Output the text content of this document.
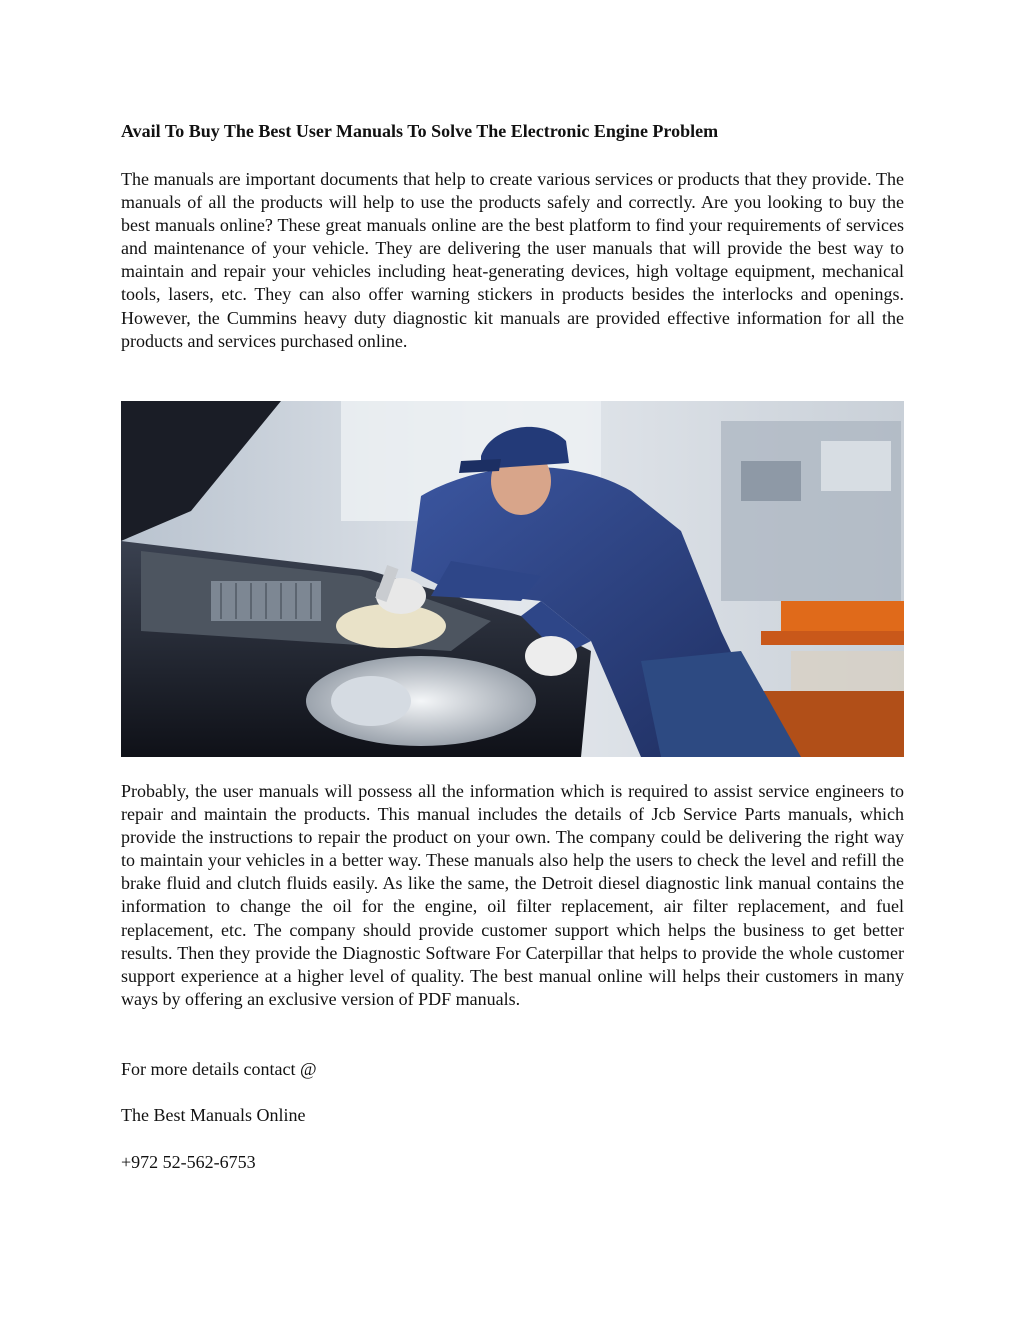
Avail To Buy The Best User Manuals To Solve The Electronic Engine Problem

The manuals are important documents that help to create various services or products that they provide. The manuals of all the products will help to use the products safely and correctly. Are you looking to buy the best manuals online? These great manuals online are the best platform to find your requirements of services and maintenance of your vehicle. They are delivering the user manuals that will provide the best way to maintain and repair your vehicles including heat-generating devices, high voltage equipment, mechanical tools, lasers, etc. They can also offer warning stickers in products besides the interlocks and openings. However, the Cummins heavy duty diagnostic kit manuals are provided effective information for all the products and services purchased online.

Probably, the user manuals will possess all the information which is required to assist service engineers to repair and maintain the products. This manual includes the details of Jcb Service Parts manuals, which provide the instructions to repair the product on your own. The company could be delivering the right way to maintain your vehicles in a better way. These manuals also help the users to check the level and refill the brake fluid and clutch fluids easily. As like the same, the Detroit diesel diagnostic link manual contains the information to change the oil for the engine, oil filter replacement, air filter replacement, and fuel replacement, etc. The company should provide customer support which helps the business to get better results. Then they provide the Diagnostic Software For Caterpillar that helps to provide the whole customer support experience at a higher level of quality. The best manual online will helps their customers in many ways by offering an exclusive version of PDF manuals.

For more details contact @

The Best Manuals Online

+972 52-562-6753
